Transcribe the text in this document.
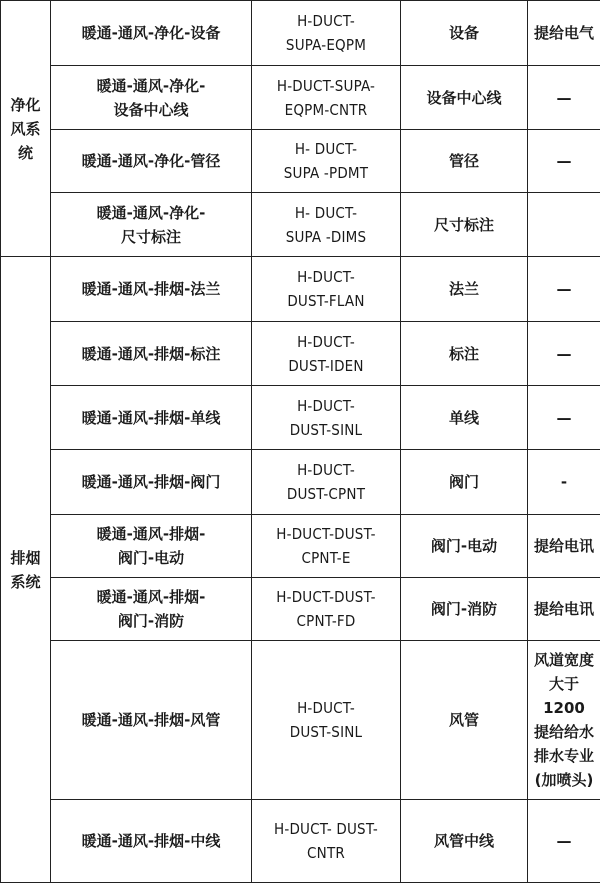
净化
风系
统	暖通-通风-净化-设备	H-DUCT-
SUPA-EQPM	设备	提给电气
	暖通-通风-净化-
设备中心线	H-DUCT-SUPA-
EQPM-CNTR	设备中心线	—
	暖通-通风-净化-管径	H- DUCT-
SUPA -PDMT	管径	—
	暖通-通风-净化-
尺寸标注	H- DUCT-
SUPA -DIMS	尺寸标注	
排烟
系统	暖通-通风-排烟-法兰	H-DUCT-
DUST-FLAN	法兰	—
	暖通-通风-排烟-标注	H-DUCT-
DUST-IDEN	标注	—
	暖通-通风-排烟-单线	H-DUCT-
DUST-SINL	单线	—
	暖通-通风-排烟-阀门	H-DUCT-
DUST-CPNT	阀门	-
	暖通-通风-排烟-
阀门-电动	H-DUCT-DUST-
CPNT-E	阀门-电动	提给电讯
	暖通-通风-排烟-
阀门-消防	H-DUCT-DUST-
CPNT-FD	阀门-消防	提给电讯
	暖通-通风-排烟-风管	H-DUCT-
DUST-SINL	风管	风道宽度
大于 1200
提给给水
排水专业
(加喷头)
	暖通-通风-排烟-中线	H-DUCT- DUST-
CNTR	风管中线	—
